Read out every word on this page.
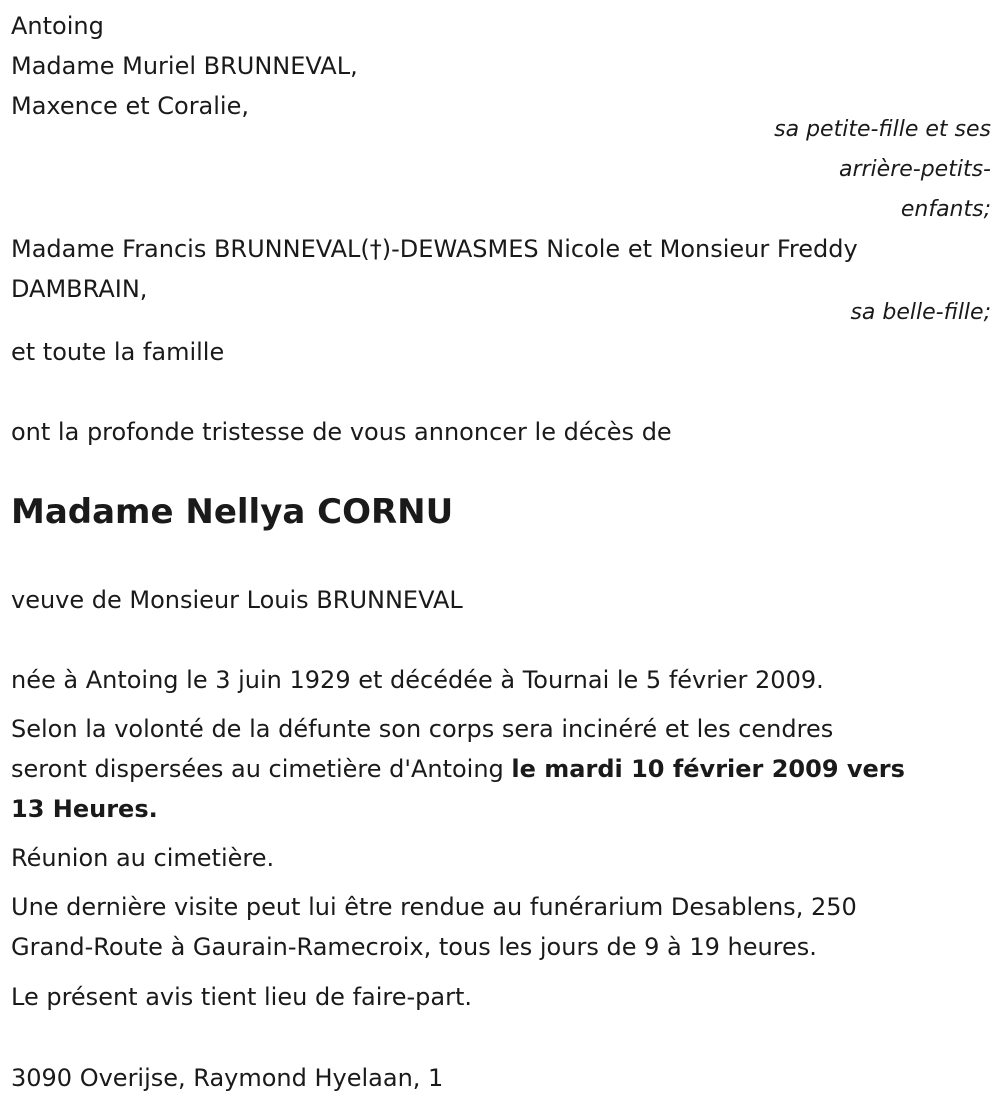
Antoing
Madame Muriel BRUNNEVAL,
Maxence et Coralie,
sa petite-fille et ses
arrière-petits-
enfants;
Madame Francis BRUNNEVAL(†)-DEWASMES Nicole et Monsieur Freddy
DAMBRAIN,
sa belle-fille;
et toute la famille
ont la profonde tristesse de vous annoncer le décès de
Madame Nellya CORNU
veuve de Monsieur Louis BRUNNEVAL
née à Antoing le 3 juin 1929 et décédée à Tournai le 5 février 2009.
Selon la volonté de la défunte son corps sera incinéré et les cendres
seront dispersées au cimetière d'Antoing le mardi 10 février 2009 vers
13 Heures.
Réunion au cimetière.
Une dernière visite peut lui être rendue au funérarium Desablens, 250
Grand-Route à Gaurain-Ramecroix, tous les jours de 9 à 19 heures.
Le présent avis tient lieu de faire-part.
3090 Overijse, Raymond Hyelaan, 1
